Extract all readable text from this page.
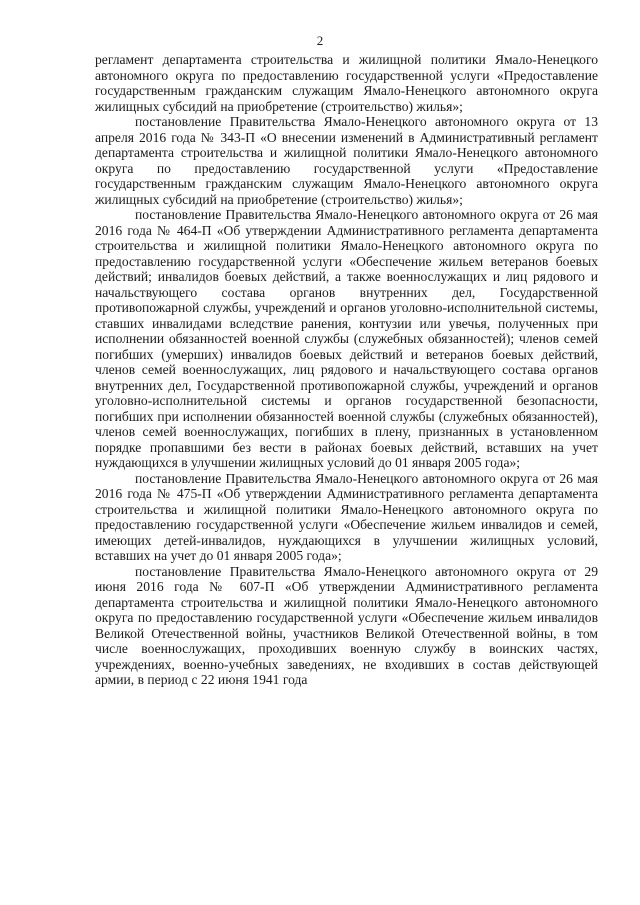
2

регламент департамента строительства и жилищной политики Ямало-Ненецкого автономного округа по предоставлению государственной услуги «Предоставление государственным гражданским служащим Ямало-Ненецкого автономного округа жилищных субсидий на приобретение (строительство) жилья»;

постановление Правительства Ямало-Ненецкого автономного округа от 13 апреля 2016 года № 343-П «О внесении изменений в Административный регламент департамента строительства и жилищной политики Ямало-Ненецкого автономного округа по предоставлению государственной услуги «Предоставление государственным гражданским служащим Ямало-Ненецкого автономного округа жилищных субсидий на приобретение (строительство) жилья»;

постановление Правительства Ямало-Ненецкого автономного округа от 26 мая 2016 года № 464-П «Об утверждении Административного регламента департамента строительства и жилищной политики Ямало-Ненецкого автономного округа по предоставлению государственной услуги «Обеспечение жильем ветеранов боевых действий; инвалидов боевых действий, а также военнослужащих и лиц рядового и начальствующего состава органов внутренних дел, Государственной противопожарной службы, учреждений и органов уголовно-исполнительной системы, ставших инвалидами вследствие ранения, контузии или увечья, полученных при исполнении обязанностей военной службы (служебных обязанностей); членов семей погибших (умерших) инвалидов боевых действий и ветеранов боевых действий, членов семей военнослужащих, лиц рядового и начальствующего состава органов внутренних дел, Государственной противопожарной службы, учреждений и органов уголовно-исполнительной системы и органов государственной безопасности, погибших при исполнении обязанностей военной службы (служебных обязанностей), членов семей военнослужащих, погибших в плену, признанных в установленном порядке пропавшими без вести в районах боевых действий, вставших на учет нуждающихся в улучшении жилищных условий до 01 января 2005 года»;

постановление Правительства Ямало-Ненецкого автономного округа от 26 мая 2016 года № 475-П «Об утверждении Административного регламента департамента строительства и жилищной политики Ямало-Ненецкого автономного округа по предоставлению государственной услуги «Обеспечение жильем инвалидов и семей, имеющих детей-инвалидов, нуждающихся в улучшении жилищных условий, вставших на учет до 01 января 2005 года»;

постановление Правительства Ямало-Ненецкого автономного округа от 29 июня 2016 года № 607-П «Об утверждении Административного регламента департамента строительства и жилищной политики Ямало-Ненецкого автономного округа по предоставлению государственной услуги «Обеспечение жильем инвалидов Великой Отечественной войны, участников Великой Отечественной войны, в том числе военнослужащих, проходивших военную службу в воинских частях, учреждениях, военно-учебных заведениях, не входивших в состав действующей армии, в период с 22 июня 1941 года
